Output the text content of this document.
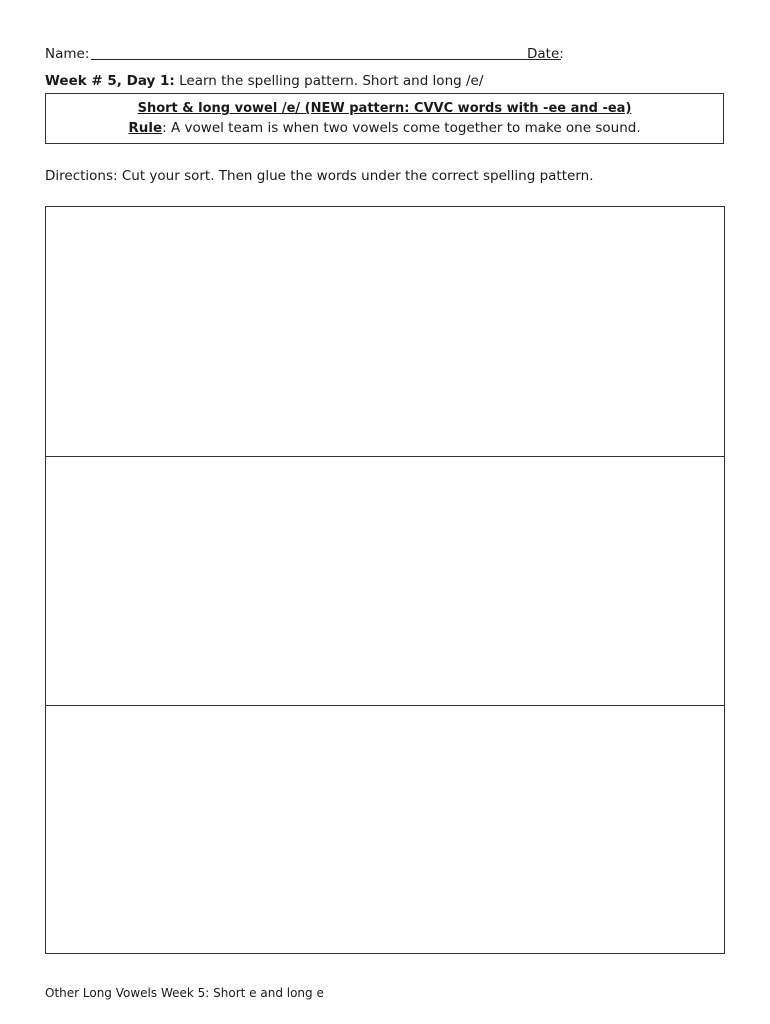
Name:	Date:
Week # 5, Day 1: Learn the spelling pattern. Short and long /e/
Short & long vowel /e/ (NEW pattern: CVVC words with -ee and -ea)
Rule: A vowel team is when two vowels come together to make one sound.
Directions: Cut your sort. Then glue the words under the correct spelling pattern.
Other Long Vowels Week 5: Short e and long e
